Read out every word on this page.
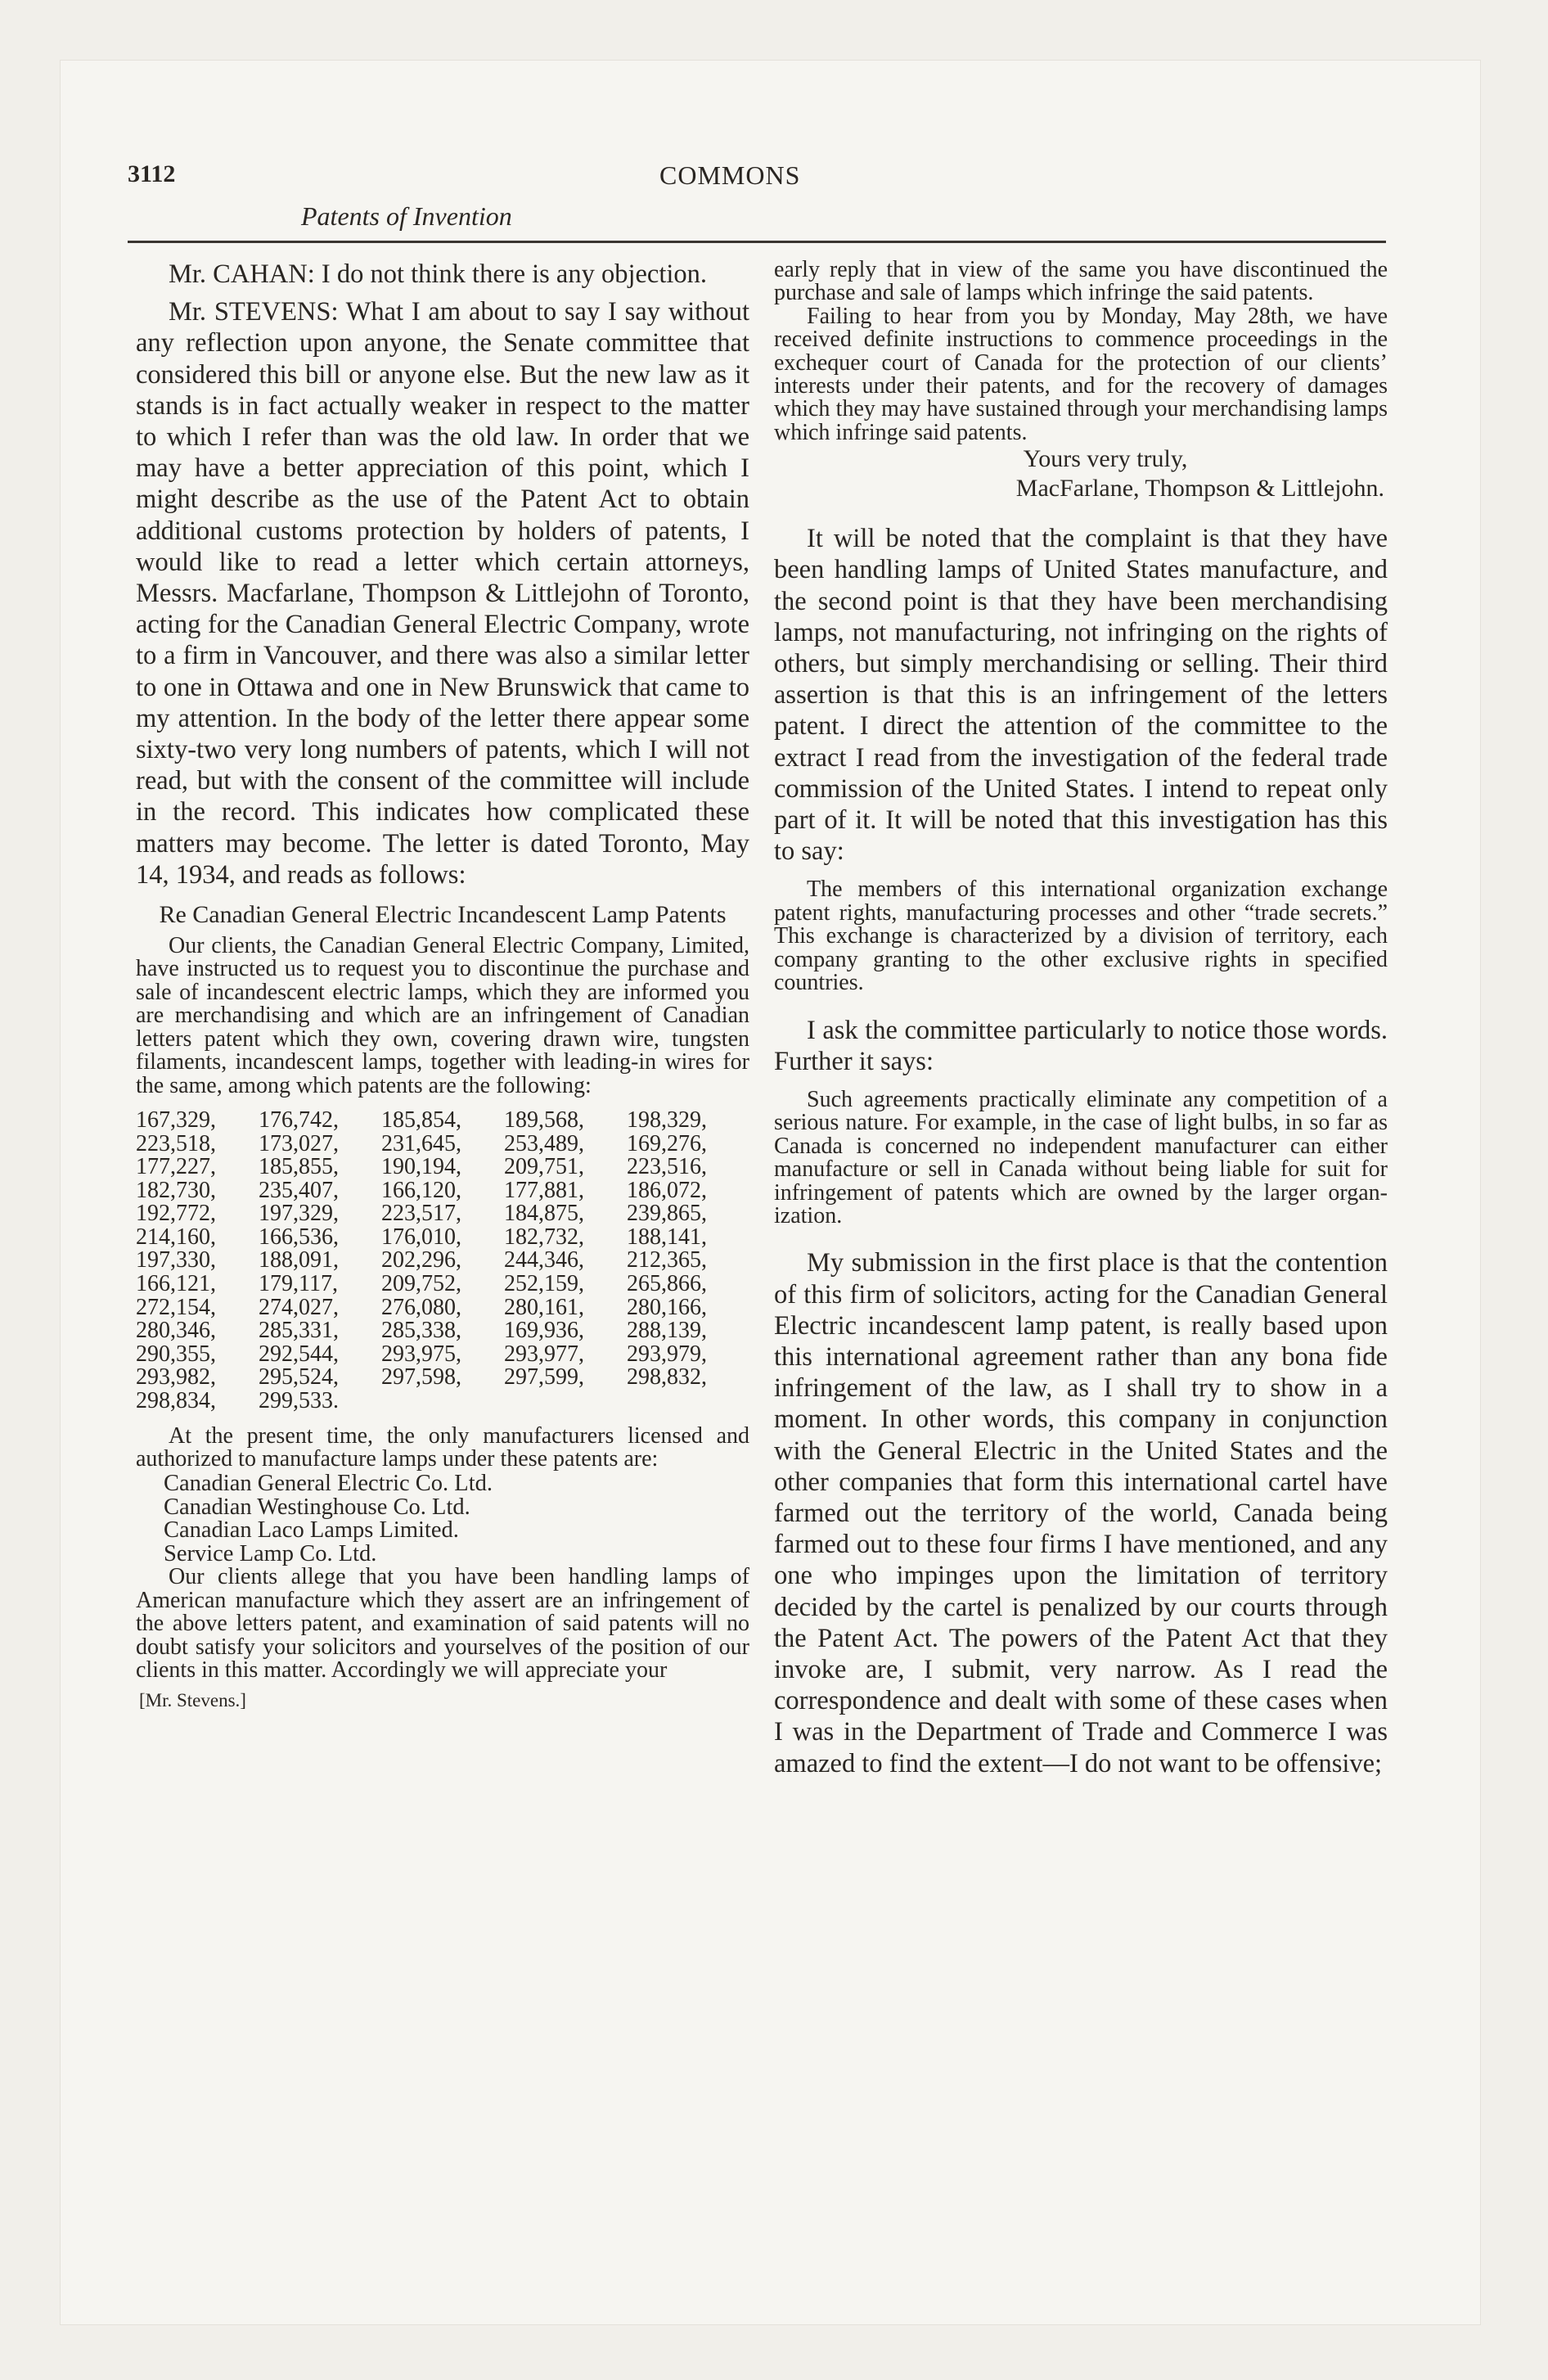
3112	COMMONS
Patents of Invention

Mr. CAHAN: I do not think there is any objection.

Mr. STEVENS: What I am about to say I say without any reflection upon anyone, the Senate committee that considered this bill or anyone else. But the new law as it stands is in fact actually weaker in respect to the matter to which I refer than was the old law. In order that we may have a better appreciation of this point, which I might describe as the use of the Patent Act to obtain additional customs protection by holders of patents, I would like to read a letter which certain attorneys, Messrs. Macfarlane, Thompson & Littlejohn of Toronto, acting for the Canadian General Electric Company, wrote to a firm in Vancouver, and there was also a similar letter to one in Ottawa and one in New Brunswick that came to my attention. In the body of the letter there appear some sixty-two very long numbers of patents, which I will not read, but with the consent of the committee will include in the record. This indicates how complicated these matters may become. The letter is dated Toronto, May 14, 1934, and reads as follows:

Re Canadian General Electric Incandescent Lamp Patents

Our clients, the Canadian General Electric Company, Limited, have instructed us to request you to discontinue the purchase and sale of incandescent electric lamps, which they are informed you are merchandising and which are an infringement of Canadian letters patent which they own, covering drawn wire, tungsten filaments, incandescent lamps, together with leading-in wires for the same, among which patents are the following:

167,329,	176,742,	185,854,	189,568,	198,329,
223,518,	173,027,	231,645,	253,489,	169,276,
177,227,	185,855,	190,194,	209,751,	223,516,
182,730,	235,407,	166,120,	177,881,	186,072,
192,772,	197,329,	223,517,	184,875,	239,865,
214,160,	166,536,	176,010,	182,732,	188,141,
197,330,	188,091,	202,296,	244,346,	212,365,
166,121,	179,117,	209,752,	252,159,	265,866,
272,154,	274,027,	276,080,	280,161,	280,166,
280,346,	285,331,	285,338,	169,936,	288,139,
290,355,	292,544,	293,975,	293,977,	293,979,
293,982,	295,524,	297,598,	297,599,	298,832,
298,834,	299,533.			

At the present time, the only manufacturers licensed and authorized to manufacture lamps under these patents are:

Canadian General Electric Co. Ltd.
Canadian Westinghouse Co. Ltd.
Canadian Laco Lamps Limited.
Service Lamp Co. Ltd.

Our clients allege that you have been handling lamps of American manufacture which they assert are an infringement of the above letters patent, and examination of said patents will no doubt satisfy your solicitors and yourselves of the position of our clients in this matter. Accordingly we will appreciate your

[Mr. Stevens.]

early reply that in view of the same you have discontinued the purchase and sale of lamps which infringe the said patents.

Failing to hear from you by Monday, May 28th, we have received definite instructions to commence proceedings in the exchequer court of Canada for the protection of our clients’ interests under their patents, and for the recovery of damages which they may have sustained through your merchandising lamps which infringe said patents.

Yours very truly,

MacFarlane, Thompson & Littlejohn.

It will be noted that the complaint is that they have been handling lamps of United States manufacture, and the second point is that they have been merchandising lamps, not manufacturing, not infringing on the rights of others, but simply merchandising or selling. Their third assertion is that this is an infringement of the letters patent. I direct the attention of the committee to the extract I read from the investigation of the federal trade commission of the United States. I intend to repeat only part of it. It will be noted that this investigation has this to say:

The members of this international organization exchange patent rights, manufacturing processes and other “trade secrets.” This exchange is characterized by a division of territory, each company granting to the other exclusive rights in specified countries.

I ask the committee particularly to notice those words. Further it says:

Such agreements practically eliminate any competition of a serious nature. For example, in the case of light bulbs, in so far as Canada is concerned no independent manufacturer can either manufacture or sell in Canada without being liable for suit for infringement of patents which are owned by the larger organization.

My submission in the first place is that the contention of this firm of solicitors, acting for the Canadian General Electric incandescent lamp patent, is really based upon this international agreement rather than any bona fide infringement of the law, as I shall try to show in a moment. In other words, this company in conjunction with the General Electric in the United States and the other companies that form this international cartel have farmed out the territory of the world, Canada being farmed out to these four firms I have mentioned, and any one who impinges upon the limitation of territory decided by the cartel is penalized by our courts through the Patent Act. The powers of the Patent Act that they invoke are, I submit, very narrow. As I read the correspondence and dealt with some of these cases when I was in the Department of Trade and Commerce I was amazed to find the extent—I do not want to be offensive;
